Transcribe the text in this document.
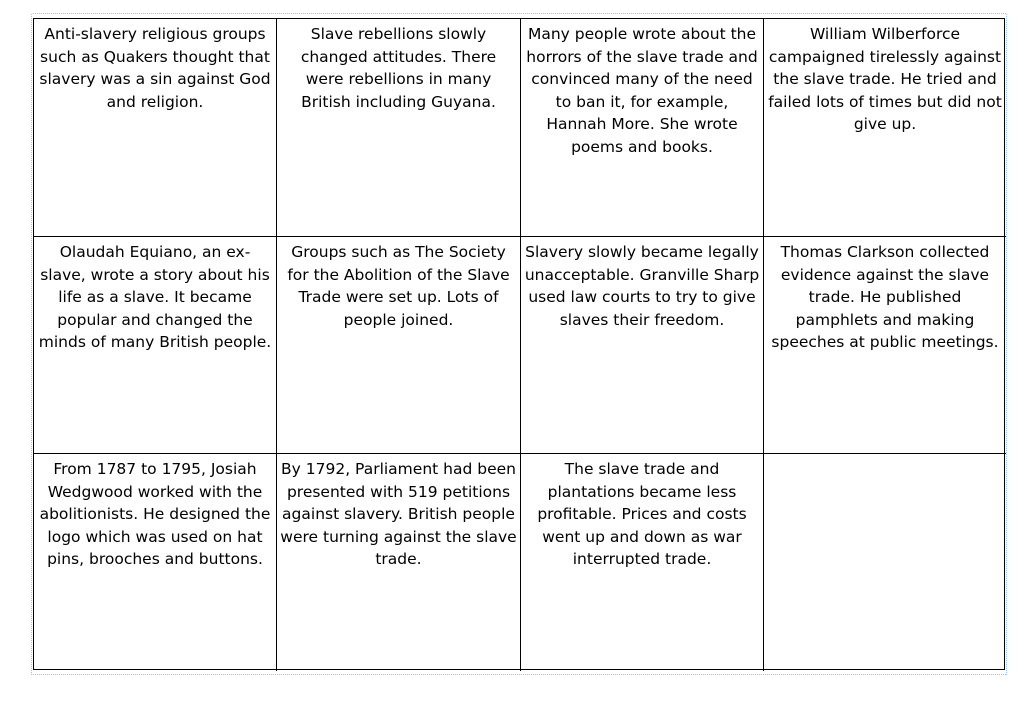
Anti-slavery religious groups such as Quakers thought that slavery was a sin against God and religion.
Slave rebellions slowly changed attitudes. There were rebellions in many British including Guyana.
Many people wrote about the horrors of the slave trade and convinced many of the need to ban it, for example, Hannah More. She wrote poems and books.
William Wilberforce campaigned tirelessly against the slave trade. He tried and failed lots of times but did not give up.
Olaudah Equiano, an ex-slave, wrote a story about his life as a slave. It became popular and changed the minds of many British people.
Groups such as The Society for the Abolition of the Slave Trade were set up. Lots of people joined.
Slavery slowly became legally unacceptable. Granville Sharp used law courts to try to give slaves their freedom.
Thomas Clarkson collected evidence against the slave trade. He published pamphlets and making speeches at public meetings.
From 1787 to 1795, Josiah Wedgwood worked with the abolitionists. He designed the logo which was used on hat pins, brooches and buttons.
By 1792, Parliament had been presented with 519 petitions against slavery. British people were turning against the slave trade.
The slave trade and plantations became less profitable. Prices and costs went up and down as war interrupted trade.
